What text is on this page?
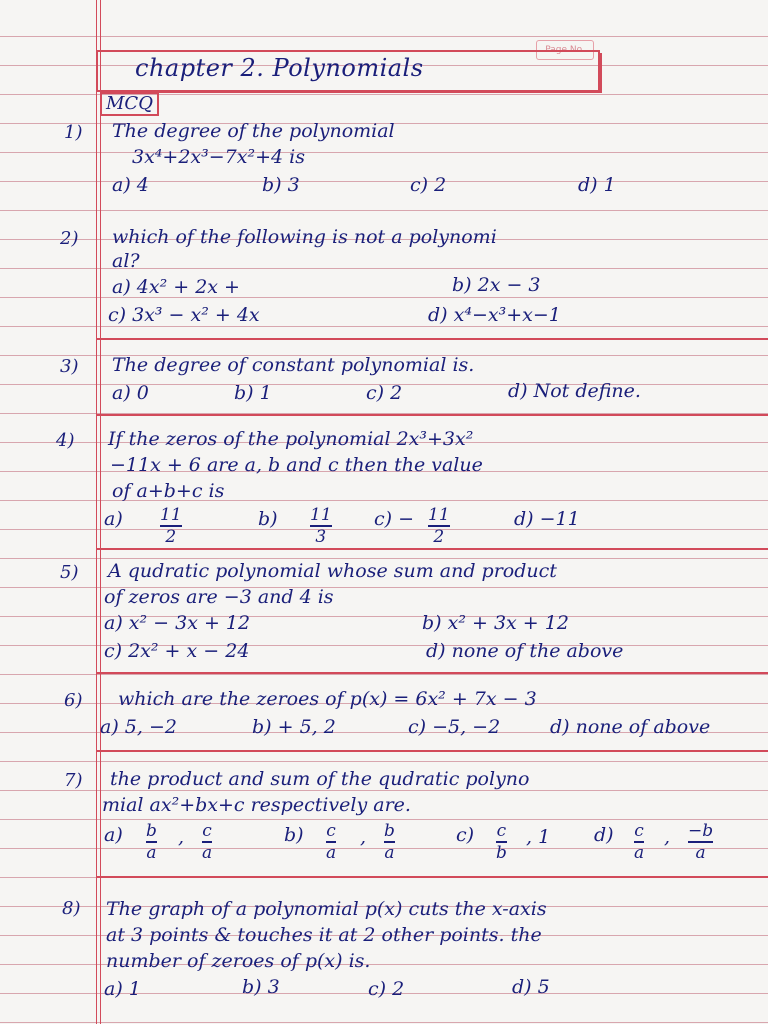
Page No.
chapter 2. Polynomials
MCQ
1) The degree of the polynomial
3x⁴+2x³−7x²+4 is
a) 4	b) 3	c) 2	d) 1
2) which of the following is not a polynomi
al?
a) 4x² + 2x +	b) 2x − 3
c) 3x³ − x² + 4x	d) x⁴−x³+x−1
3) The degree of constant polynomial is.
a) 0	b) 1	c) 2	d) Not define.
4) If the zeros of the polynomial 2x³+3x²
−11x + 6 are a, b and c then the value
of a+b+c is
a) 11
2
b) 11
3
c) − 11
2
d) −11
5) A qudratic polynomial whose sum and product
of zeros are −3 and 4 is
a) x² − 3x + 12	b) x² + 3x + 12
c) 2x² + x − 24	d) none of the above
6) which are the zeroes of p(x) = 6x² + 7x − 3
a) 5, −2	b) + 5, 2	c) −5, −2	d) none of above
7) the product and sum of the qudratic polyno
mial ax²+bx+c respectively are.
a) b
a
, c
a
b) c
a
, b
a
c) c
b
, 1 d) c
a
, −b
a
8) The graph of a polynomial p(x) cuts the x-axis
at 3 points & touches it at 2 other points. the
number of zeroes of p(x) is.
a) 1	b) 3	c) 2	d) 5
